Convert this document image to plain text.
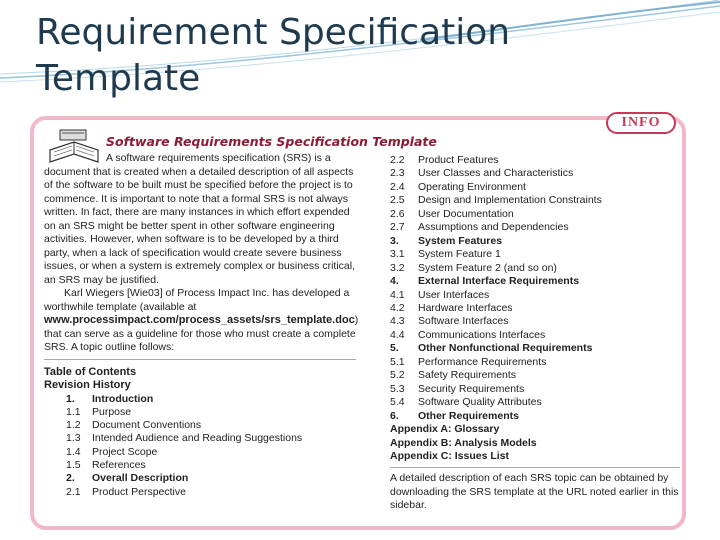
Requirement Specification Template
Software Requirements Specification Template

A software requirements specification (SRS) is a document that is created when a detailed description of all aspects of the software to be built must be specified before the project is to commence. It is important to note that a formal SRS is not always written. In fact, there are many instances in which effort expended on an SRS might be better spent in other software engineering activities. However, when software is to be developed by a third party, when a lack of specification would create severe business issues, or when a system is extremely complex or business critical, an SRS may be justified.

Karl Wiegers [Wie03] of Process Impact Inc. has developed a worthwhile template (available at www.processimpact.com/process_assets/srs_template.doc) that can serve as a guideline for those who must create a complete SRS. A topic outline follows:

Table of Contents
Revision History
1.	Introduction
1.1	Purpose
1.2	Document Conventions
1.3	Intended Audience and Reading Suggestions
1.4	Project Scope
1.5	References
2.	Overall Description
2.1	Product Perspective
2.2	Product Features
2.3	User Classes and Characteristics
2.4	Operating Environment
2.5	Design and Implementation Constraints
2.6	User Documentation
2.7	Assumptions and Dependencies
3.	System Features
3.1	System Feature 1
3.2	System Feature 2 (and so on)
4.	External Interface Requirements
4.1	User Interfaces
4.2	Hardware Interfaces
4.3	Software Interfaces
4.4	Communications Interfaces
5.	Other Nonfunctional Requirements
5.1	Performance Requirements
5.2	Safety Requirements
5.3	Security Requirements
5.4	Software Quality Attributes
6.	Other Requirements
Appendix A: Glossary
Appendix B: Analysis Models
Appendix C: Issues List

A detailed description of each SRS topic can be obtained by downloading the SRS template at the URL noted earlier in this sidebar.

INFO
